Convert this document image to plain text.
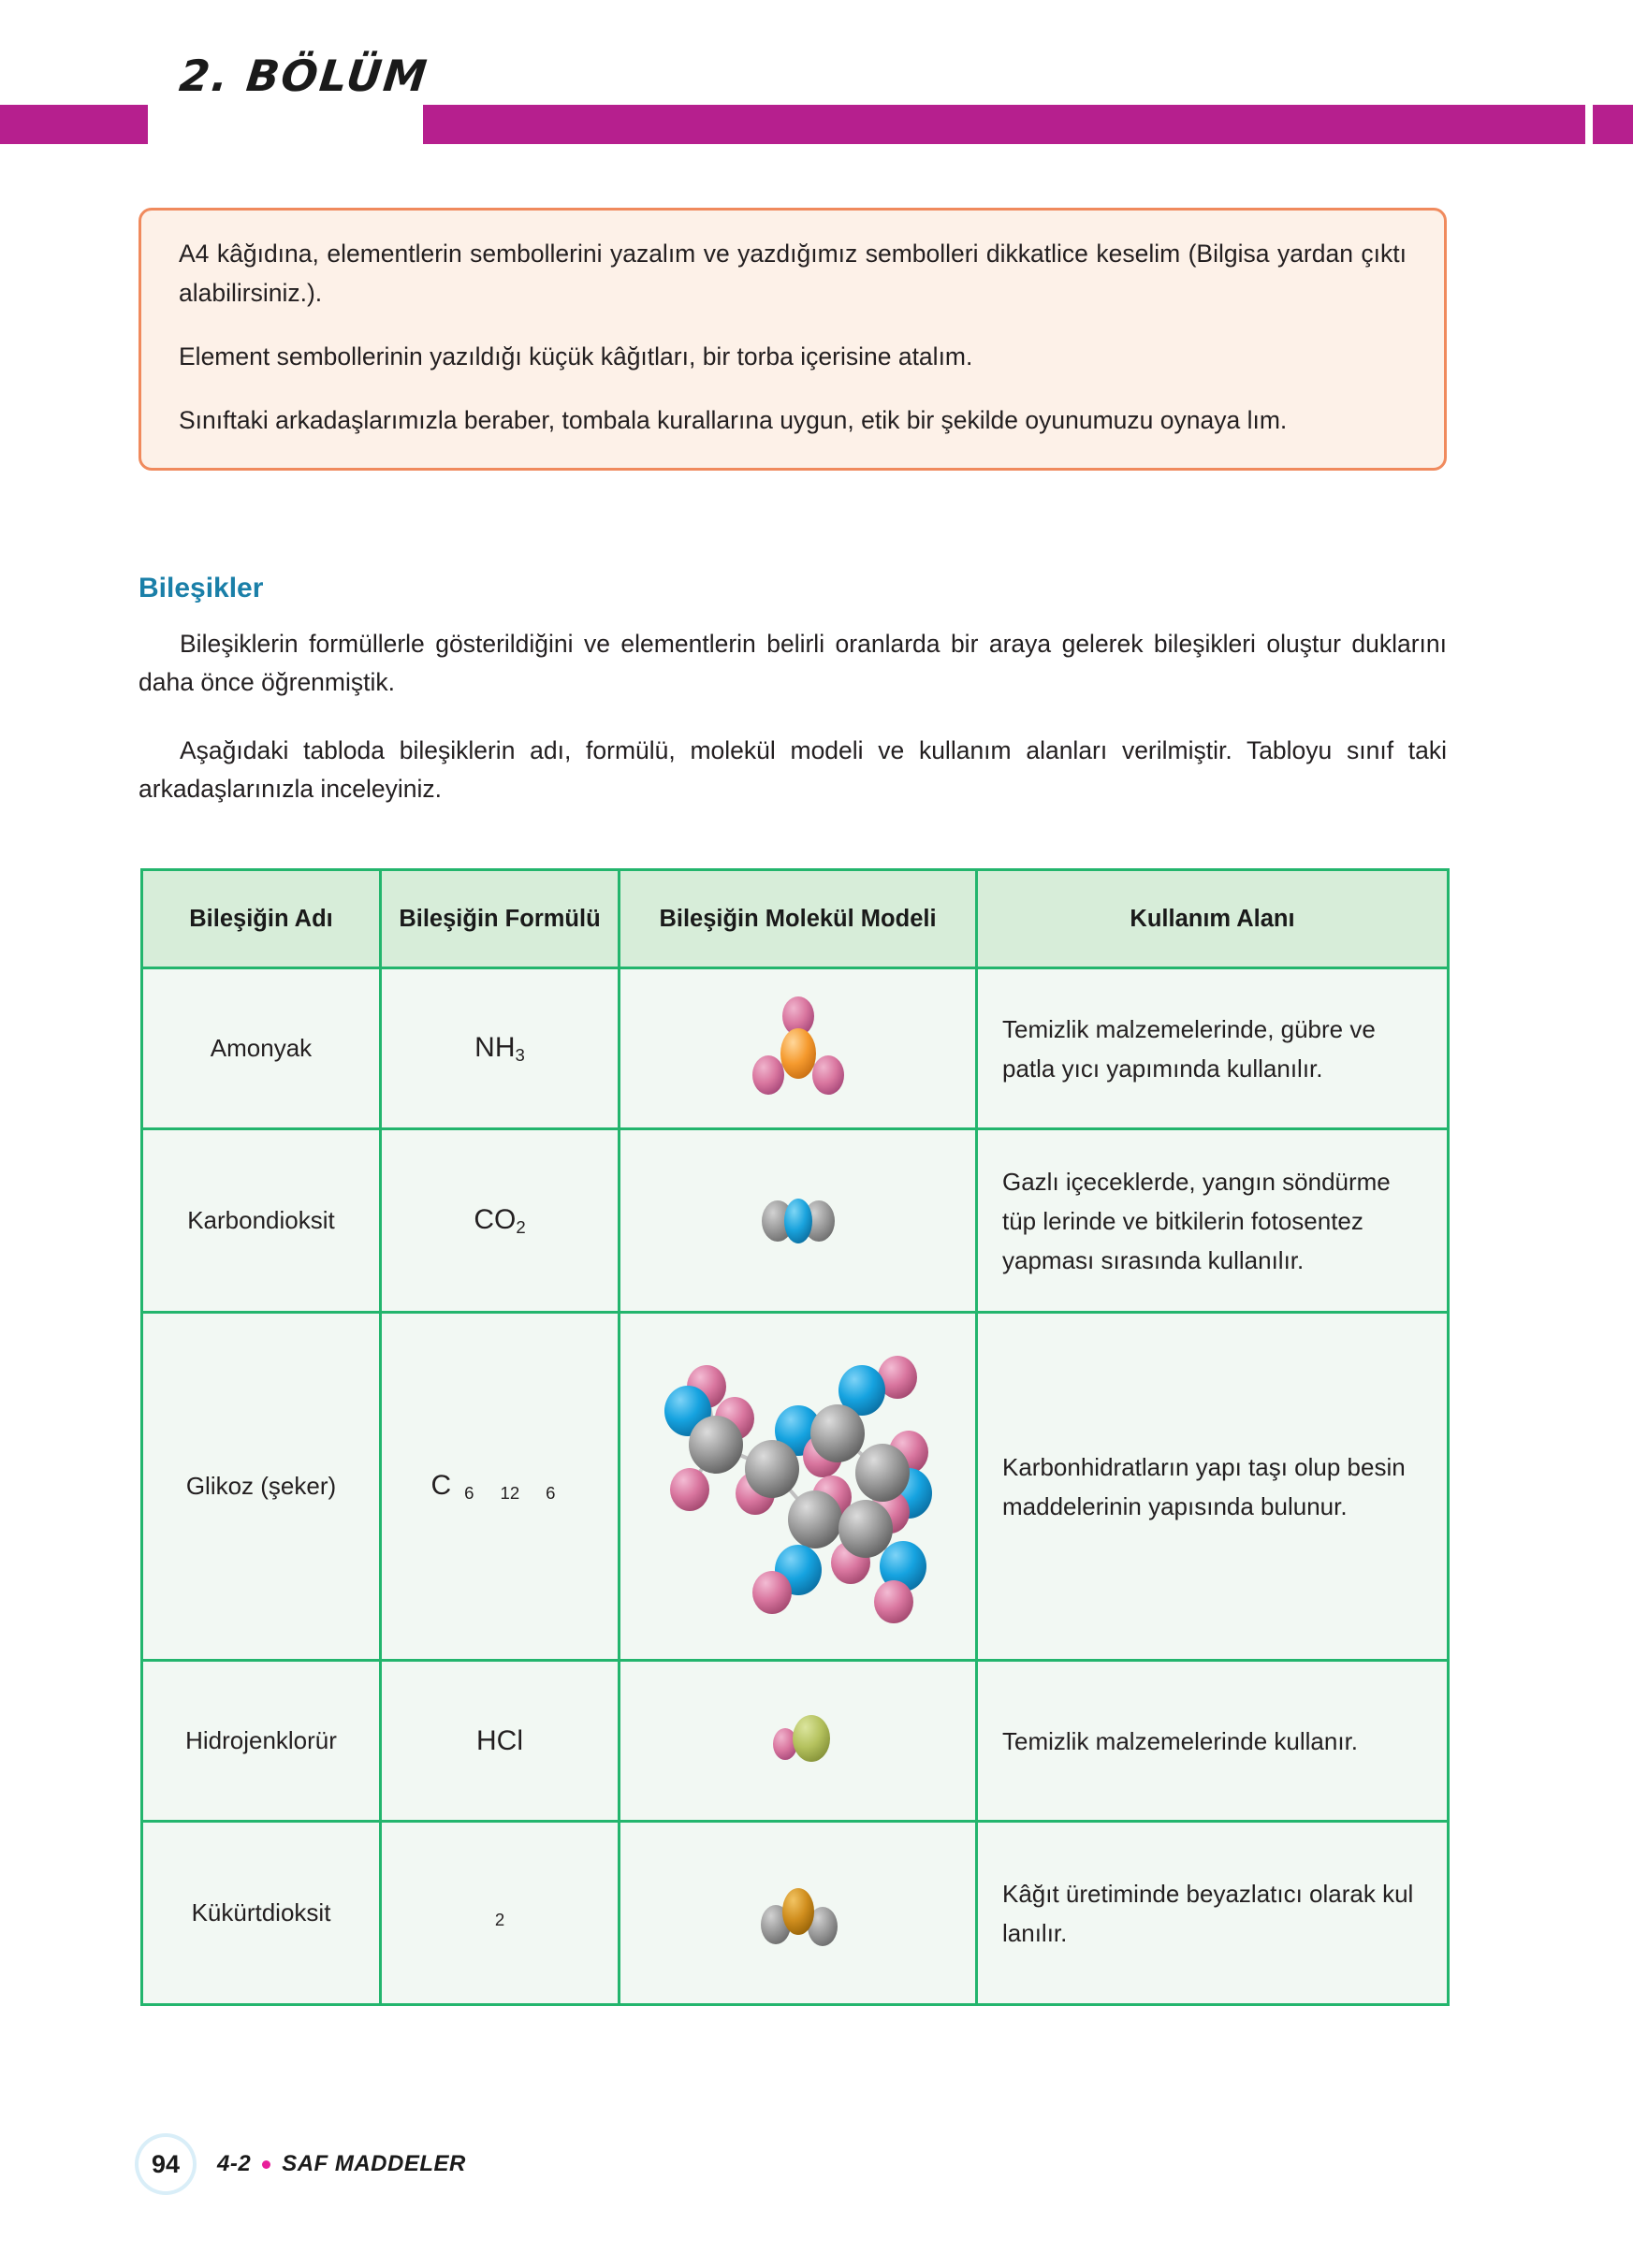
2. BÖLÜM

A4 kâğıdına, elementlerin sembollerini yazalım ve yazdığımız sembolleri dikkatlice keselim (Bilgisa yardan çıktı alabilirsiniz.).

Element sembollerinin yazıldığı küçük kâğıtları, bir torba içerisine atalım.

Sınıftaki arkadaşlarımızla beraber, tombala kurallarına uygun, etik bir şekilde oyunumuzu oynaya lım.

Bileşikler
Bileşiklerin formüllerle gösterildiğini ve elementlerin belirli oranlarda bir araya gelerek bileşikleri oluştur duklarını daha önce öğrenmiştik.
Aşağıdaki tabloda bileşiklerin adı, formülü, molekül modeli ve kullanım alanları verilmiştir. Tabloyu sınıf taki arkadaşlarınızla inceleyiniz.
Bileşiğin Adı	Bileşiğin Formülü	Bileşiğin Molekül Modeli	Kullanım Alanı
Amonyak	$NH_3$		Temizlik malzemelerinde, gübre ve patla yıcı yapımında kullanılır.
Karbondioksit	$CO_2$		Gazlı içeceklerde, yangın söndürme tüp lerinde ve bitkilerin fotosentez yapması sırasında kullanılır.
Glikoz (şeker)	C $_6$ $_{12}$ $_6$		Karbonhidratların yapı taşı olup besin maddelerinin yapısında bulunur.
Hidrojenklorür	HCl		Temizlik malzemelerinde kullanır.
Kükürtdioksit	$_2$		Kâğıt üretiminde beyazlatıcı olarak kul lanılır.
94	4-2 SAF MADDELER
